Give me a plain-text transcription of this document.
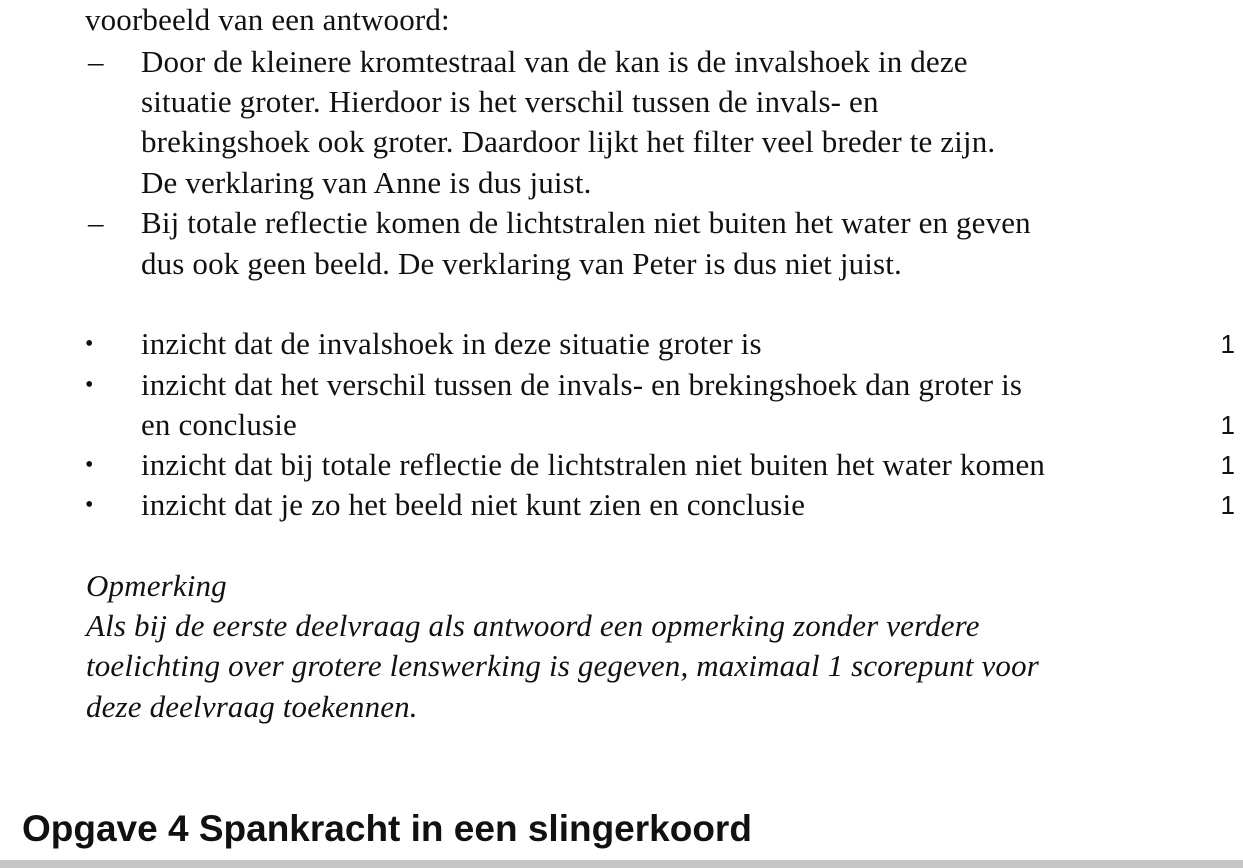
voorbeeld van een antwoord:
– Door de kleinere kromtestraal van de kan is de invalshoek in deze
situatie groter. Hierdoor is het verschil tussen de invals- en
brekingshoek ook groter. Daardoor lijkt het filter veel breder te zijn.
De verklaring van Anne is dus juist.
– Bij totale reflectie komen de lichtstralen niet buiten het water en geven
dus ook geen beeld. De verklaring van Peter is dus niet juist.
• inzicht dat de invalshoek in deze situatie groter is	1
• inzicht dat het verschil tussen de invals- en brekingshoek dan groter is
en conclusie	1
• inzicht dat bij totale reflectie de lichtstralen niet buiten het water komen	1
• inzicht dat je zo het beeld niet kunt zien en conclusie	1
Opmerking
Als bij de eerste deelvraag als antwoord een opmerking zonder verdere
toelichting over grotere lenswerking is gegeven, maximaal 1 scorepunt voor
deze deelvraag toekennen.
Opgave 4 Spankracht in een slingerkoord
